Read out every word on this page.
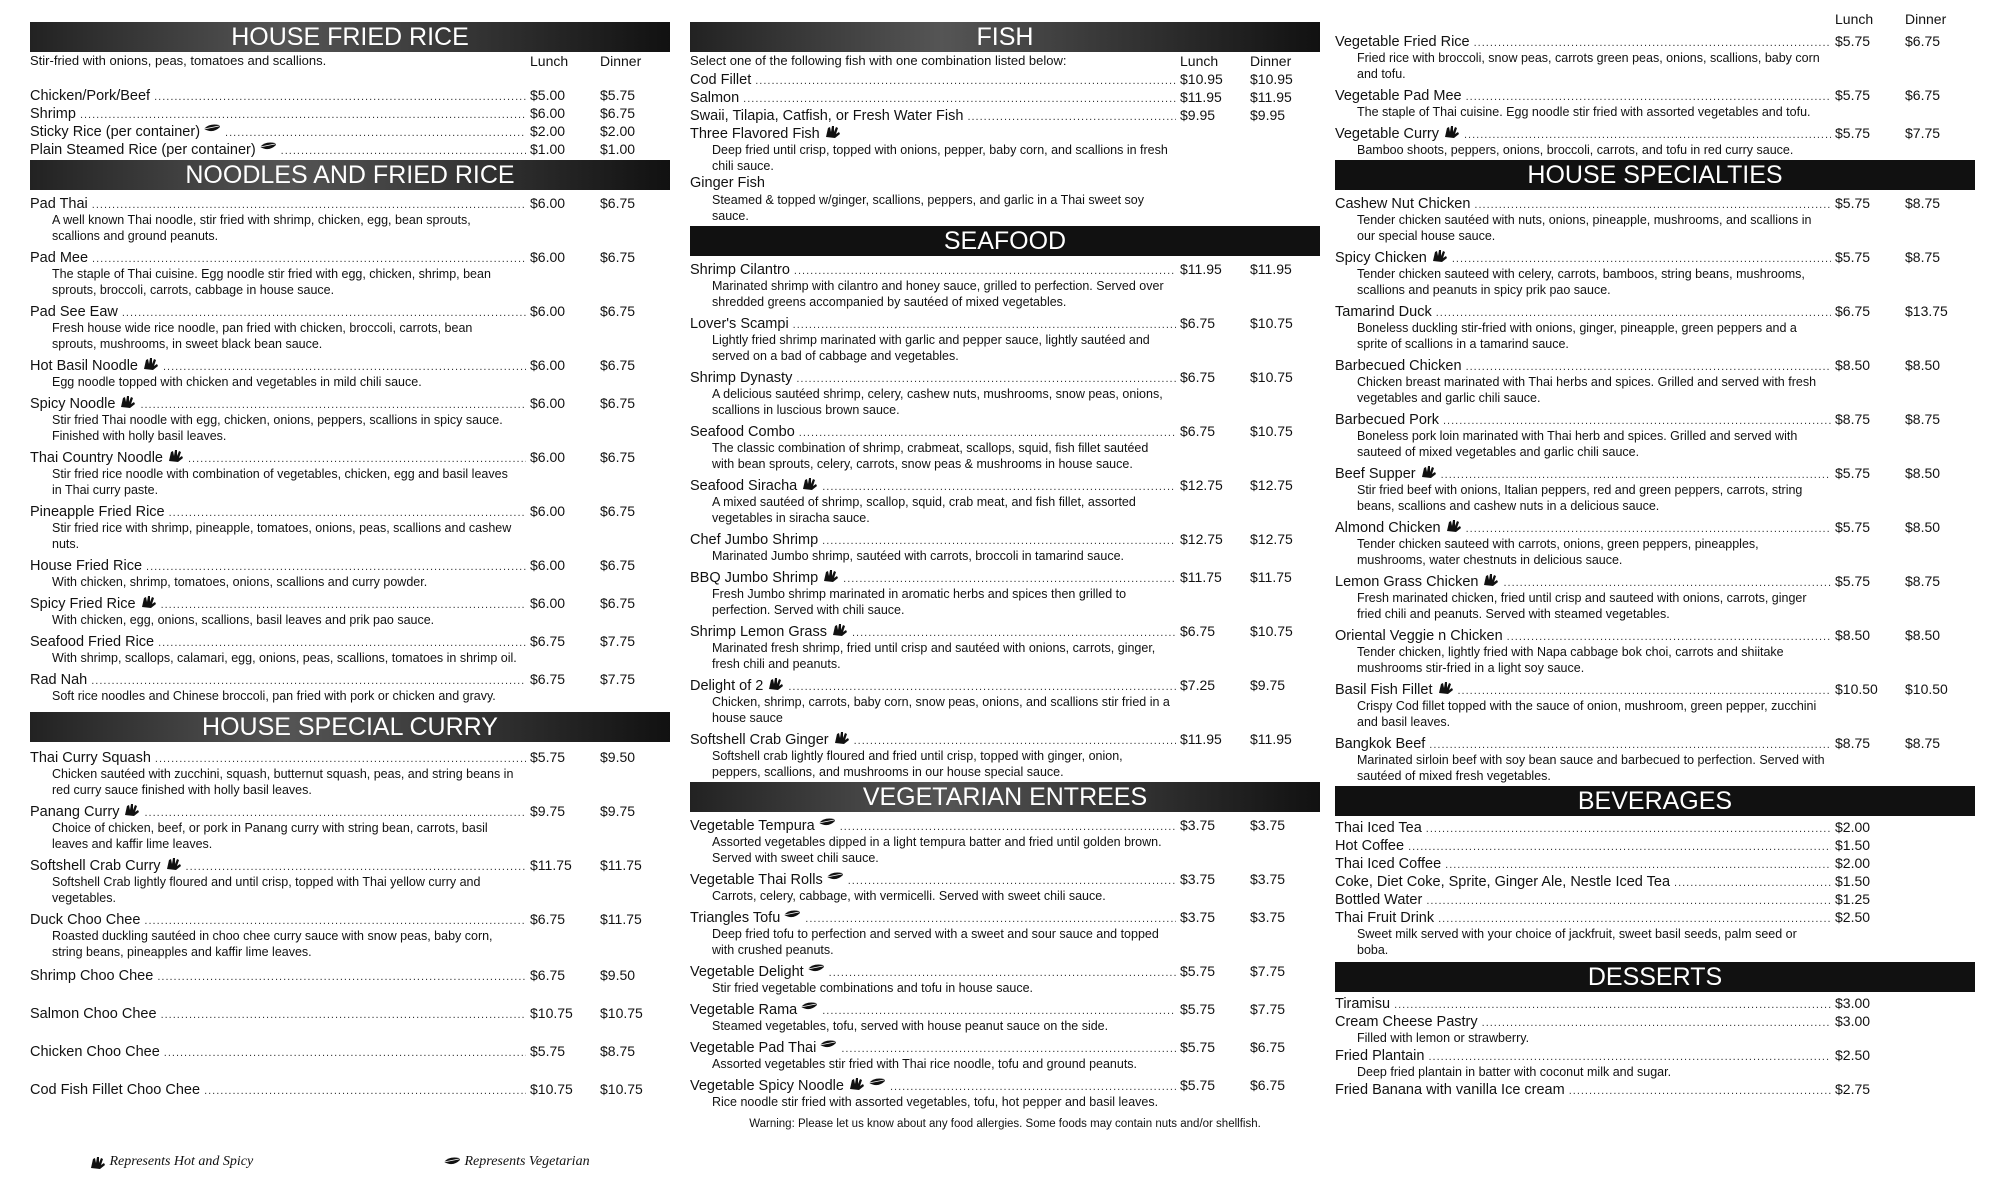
HOUSE FRIED RICE
Stir-fried with onions, peas, tomatoes and scallions.	Lunch	Dinner
Chicken/Pork/Beef .....	$5.00	$5.75
Shrimp .....	$6.00	$6.75
Sticky Rice (per container) .....	$2.00	$2.00
Plain Steamed Rice (per container) .....	$1.00	$1.00
NOODLES AND FRIED RICE
Pad Thai .....	$6.00	$6.75
A well known Thai noodle, stir fried with shrimp, chicken, egg, bean sprouts, scallions and ground peanuts.
Pad Mee .....	$6.00	$6.75
The staple of Thai cuisine. Egg noodle stir fried with egg, chicken, shrimp, bean sprouts, broccoli, carrots, cabbage in house sauce.
Pad See Eaw .....	$6.00	$6.75
Fresh house wide rice noodle, pan fried with chicken, broccoli, carrots, bean sprouts, mushrooms, in sweet black bean sauce.
Hot Basil Noodle .....	$6.00	$6.75
Egg noodle topped with chicken and vegetables in mild chili sauce.
Spicy Noodle .....	$6.00	$6.75
Stir fried Thai noodle with egg, chicken, onions, peppers, scallions in spicy sauce. Finished with holly basil leaves.
Thai Country Noodle .....	$6.00	$6.75
Stir fried rice noodle with combination of vegetables, chicken, egg and basil leaves in Thai curry paste.
Pineapple Fried Rice .....	$6.00	$6.75
Stir fried rice with shrimp, pineapple, tomatoes, onions, peas, scallions and cashew nuts.
House Fried Rice .....	$6.00	$6.75
With chicken, shrimp, tomatoes, onions, scallions and curry powder.
Spicy Fried Rice .....	$6.00	$6.75
With chicken, egg, onions, scallions, basil leaves and prik pao sauce.
Seafood Fried Rice .....	$6.75	$7.75
With shrimp, scallops, calamari, egg, onions, peas, scallions, tomatoes in shrimp oil.
Rad Nah .....	$6.75	$7.75
Soft rice noodles and Chinese broccoli, pan fried with pork or chicken and gravy.
HOUSE SPECIAL CURRY
Thai Curry Squash .....	$5.75	$9.50
Chicken sautéed with zucchini, squash, butternut squash, peas, and string beans in red curry sauce finished with holly basil leaves.
Panang Curry .....	$9.75	$9.75
Choice of chicken, beef, or pork in Panang curry with string bean, carrots, basil leaves and kaffir lime leaves.
Softshell Crab Curry .....	$11.75	$11.75
Softshell Crab lightly floured and until crisp, topped with Thai yellow curry and vegetables.
Duck Choo Chee .....	$6.75	$11.75
Roasted duckling sautéed in choo chee curry sauce with snow peas, baby corn, string beans, pineapples and kaffir lime leaves.
Shrimp Choo Chee .....	$6.75	$9.50
Salmon Choo Chee .....	$10.75	$10.75
Chicken Choo Chee .....	$5.75	$8.75
Cod Fish Fillet Choo Chee .....	$10.75	$10.75
Represents Hot and Spicy	Represents Vegetarian
FISH
Select one of the following fish with one combination listed below:	Lunch	Dinner
Cod Fillet .....	$10.95	$10.95
Salmon .....	$11.95	$11.95
Swaii, Tilapia, Catfish, or Fresh Water Fish .....	$9.95	$9.95
Three Flavored Fish
Deep fried until crisp, topped with onions, pepper, baby corn, and scallions in fresh chili sauce.
Ginger Fish
Steamed & topped w/ginger, scallions, peppers, and garlic in a Thai sweet soy sauce.
SEAFOOD
Shrimp Cilantro .....	$11.95	$11.95
Marinated shrimp with cilantro and honey sauce, grilled to perfection. Served over shredded greens accompanied by sautéed of mixed vegetables.
Lover's Scampi .....	$6.75	$10.75
Lightly fried shrimp marinated with garlic and pepper sauce, lightly sautéed and served on a bad of cabbage and vegetables.
Shrimp Dynasty .....	$6.75	$10.75
A delicious sautéed shrimp, celery, cashew nuts, mushrooms, snow peas, onions, scallions in luscious brown sauce.
Seafood Combo .....	$6.75	$10.75
The classic combination of shrimp, crabmeat, scallops, squid, fish fillet sautéed with bean sprouts, celery, carrots, snow peas & mushrooms in house sauce.
Seafood Siracha .....	$12.75	$12.75
A mixed sautéed of shrimp, scallop, squid, crab meat, and fish fillet, assorted vegetables in siracha sauce.
Chef Jumbo Shrimp .....	$12.75	$12.75
Marinated Jumbo shrimp, sautéed with carrots, broccoli in tamarind sauce.
BBQ Jumbo Shrimp .....	$11.75	$11.75
Fresh Jumbo shrimp marinated in aromatic herbs and spices then grilled to perfection. Served with chili sauce.
Shrimp Lemon Grass .....	$6.75	$10.75
Marinated fresh shrimp, fried until crisp and sautéed with onions, carrots, ginger, fresh chili and peanuts.
Delight of 2 .....	$7.25	$9.75
Chicken, shrimp, carrots, baby corn, snow peas, onions, and scallions stir fried in a house sauce
Softshell Crab Ginger .....	$11.95	$11.95
Softshell crab lightly floured and fried until crisp, topped with ginger, onion, peppers, scallions, and mushrooms in our house special sauce.
VEGETARIAN ENTREES
Vegetable Tempura .....	$3.75	$3.75
Assorted vegetables dipped in a light tempura batter and fried until golden brown. Served with sweet chili sauce.
Vegetable Thai Rolls .....	$3.75	$3.75
Carrots, celery, cabbage, with vermicelli. Served with sweet chili sauce.
Triangles Tofu .....	$3.75	$3.75
Deep fried tofu to perfection and served with a sweet and sour sauce and topped with crushed peanuts.
Vegetable Delight .....	$5.75	$7.75
Stir fried vegetable combinations and tofu in house sauce.
Vegetable Rama .....	$5.75	$7.75
Steamed vegetables, tofu, served with house peanut sauce on the side.
Vegetable Pad Thai .....	$5.75	$6.75
Assorted vegetables stir fried with Thai rice noodle, tofu and ground peanuts.
Vegetable Spicy Noodle .....	$5.75	$6.75
Rice noodle stir fried with assorted vegetables, tofu, hot pepper and basil leaves.
Warning: Please let us know about any food allergies. Some foods may contain nuts and/or shellfish.
Lunch	Dinner
Vegetable Fried Rice .....	$5.75	$6.75
Fried rice with broccoli, snow peas, carrots green peas, onions, scallions, baby corn and tofu.
Vegetable Pad Mee .....	$5.75	$6.75
The staple of Thai cuisine. Egg noodle stir fried with assorted vegetables and tofu.
Vegetable Curry .....	$5.75	$7.75
Bamboo shoots, peppers, onions, broccoli, carrots, and tofu in red curry sauce.
HOUSE SPECIALTIES
Cashew Nut Chicken .....	$5.75	$8.75
Tender chicken sautéed with nuts, onions, pineapple, mushrooms, and scallions in our special house sauce.
Spicy Chicken .....	$5.75	$8.75
Tender chicken sauteed with celery, carrots, bamboos, string beans, mushrooms, scallions and peanuts in spicy prik pao sauce.
Tamarind Duck .....	$6.75	$13.75
Boneless duckling stir-fried with onions, ginger, pineapple, green peppers and a sprite of scallions in a tamarind sauce.
Barbecued Chicken .....	$8.50	$8.50
Chicken breast marinated with Thai herbs and spices. Grilled and served with fresh vegetables and garlic chili sauce.
Barbecued Pork .....	$8.75	$8.75
Boneless pork loin marinated with Thai herb and spices. Grilled and served with sauteed of mixed vegetables and garlic chili sauce.
Beef Supper .....	$5.75	$8.50
Stir fried beef with onions, Italian peppers, red and green peppers, carrots, string beans, scallions and cashew nuts in a delicious sauce.
Almond Chicken .....	$5.75	$8.50
Tender chicken sauteed with carrots, onions, green peppers, pineapples, mushrooms, water chestnuts in delicious sauce.
Lemon Grass Chicken .....	$5.75	$8.75
Fresh marinated chicken, fried until crisp and sauteed with onions, carrots, ginger fried chili and peanuts. Served with steamed vegetables.
Oriental Veggie n Chicken .....	$8.50	$8.50
Tender chicken, lightly fried with Napa cabbage bok choi, carrots and shiitake mushrooms stir-fried in a light soy sauce.
Basil Fish Fillet .....	$10.50	$10.50
Crispy Cod fillet topped with the sauce of onion, mushroom, green pepper, zucchini and basil leaves.
Bangkok Beef .....	$8.75	$8.75
Marinated sirloin beef with soy bean sauce and barbecued to perfection. Served with sautéed of mixed fresh vegetables.
BEVERAGES
Thai Iced Tea .....	$2.00
Hot Coffee .....	$1.50
Thai Iced Coffee .....	$2.00
Coke, Diet Coke, Sprite, Ginger Ale, Nestle Iced Tea .....	$1.50
Bottled Water .....	$1.25
Thai Fruit Drink .....	$2.50
Sweet milk served with your choice of jackfruit, sweet basil seeds, palm seed or boba.
DESSERTS
Tiramisu .....	$3.00
Cream Cheese Pastry .....	$3.00
Filled with lemon or strawberry.
Fried Plantain .....	$2.50
Deep fried plantain in batter with coconut milk and sugar.
Fried Banana with vanilla Ice cream .....	$2.75
